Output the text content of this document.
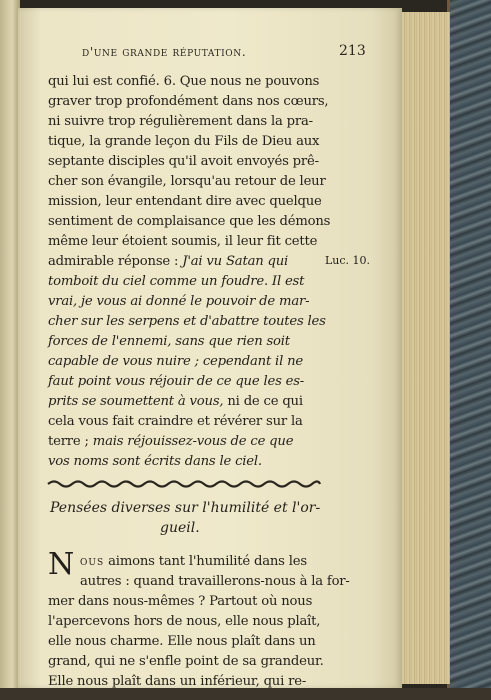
d'une grande réputation.	213
qui lui est confié. 6. Que nous ne pouvons
graver trop profondément dans nos cœurs,
ni suivre trop régulièrement dans la pra-
tique, la grande leçon du Fils de Dieu aux
septante disciples qu'il avoit envoyés prê-
cher son évangile, lorsqu'au retour de leur
mission, leur entendant dire avec quelque
sentiment de complaisance que les démons
même leur étoient soumis, il leur fit cette
admirable réponse : J'ai vu Satan qui	Luc. 10.
tomboit du ciel comme un foudre. Il est
vrai, je vous ai donné le pouvoir de mar-
cher sur les serpens et d'abattre toutes les
forces de l'ennemi, sans que rien soit
capable de vous nuire ; cependant il ne
faut point vous réjouir de ce que les es-
prits se soumettent à vous, ni de ce qui
cela vous fait craindre et révérer sur la
terre ; mais réjouissez-vous de ce que
vos noms sont écrits dans le ciel.
Pensées diverses sur l'humilité et l'or-
gueil.
N ous aimons tant l'humilité dans les
autres : quand travaillerons-nous à la for-
mer dans nous-mêmes ? Partout où nous
l'apercevons hors de nous, elle nous plaît,
elle nous charme. Elle nous plaît dans un
grand, qui ne s'enfle point de sa grandeur.
Elle nous plaît dans un inférieur, qui re-
